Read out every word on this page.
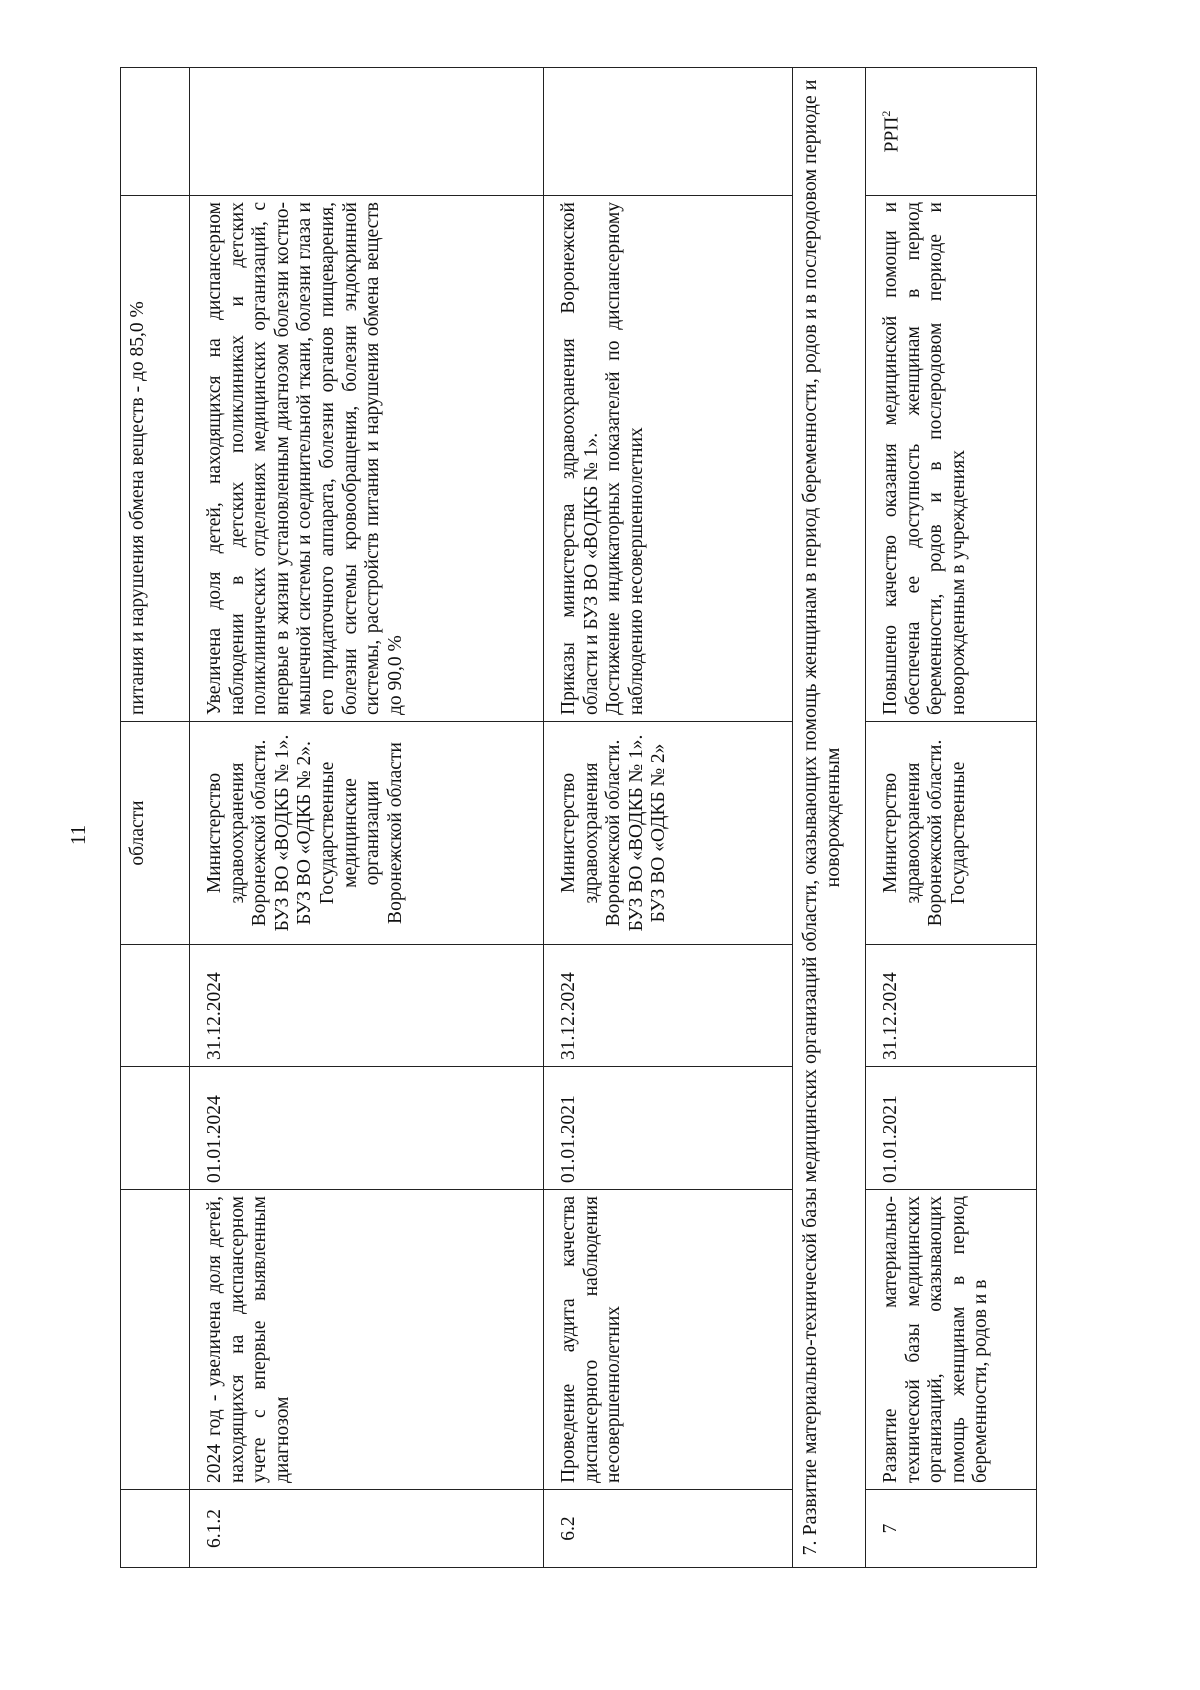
11
				области	питания и нарушения обмена веществ - до 85,0 %	
6.1.2	2024 год - увеличена доля детей, находящихся на диспансерном учете с впервые выявленным диагнозом	01.01.2024	31.12.2024	Министерство здравоохранения Воронежской области. БУЗ ВО «ВОДКБ № 1». БУЗ ВО «ОДКБ № 2». Государственные медицинские организации Воронежской области	Увеличена доля детей, находящихся на диспансерном наблюдении в детских поликлиниках и детских поликлинических отделениях медицинских организаций, с впервые в жизни установленным диагнозом болезни костно-мышечной системы и соединительной ткани, болезни глаза и его придаточного аппарата, болезни органов пищеварения, болезни системы кровообращения, болезни эндокринной системы, расстройств питания и нарушения обмена веществ до 90,0 %	
6.2	Проведение аудита качества диспансерного наблюдения несовершеннолетних	01.01.2021	31.12.2024	Министерство здравоохранения Воронежской области. БУЗ ВО «ВОДКБ № 1». БУЗ ВО «ОДКБ № 2»	Приказы министерства здравоохранения Воронежской области и БУЗ ВО «ВОДКБ № 1». Достижение индикаторных показателей по диспансерному наблюдению несовершеннолетних	

7. Развитие материально-технической базы медицинских организаций области, оказывающих помощь женщинам в период беременности, родов и в послеродовом периоде и новорожденным						
7	Развитие материально-технической базы медицинских организаций, оказывающих помощь женщинам в период беременности, родов и в	01.01.2021	31.12.2024	Министерство здравоохранения Воронежской области. Государственные	Повышено качество оказания медицинской помощи и обеспечена ее доступность женщинам в период беременности, родов и в послеродовом периоде и новорожденным в учреждениях	РРП$^2$
